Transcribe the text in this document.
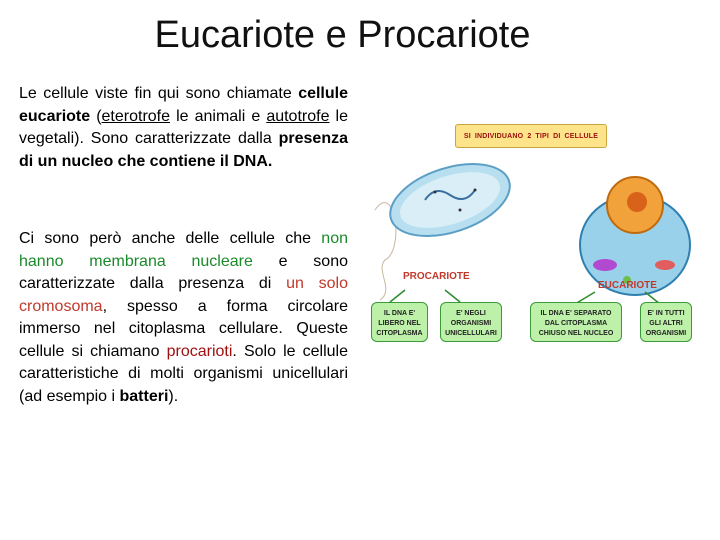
Eucariote e Procariote
Le cellule viste fin qui sono chiamate cellule eucariote (eterotrofe le animali e autotrofe le vegetali). Sono caratterizzate dalla presenza di un nucleo che contiene il DNA.
Ci sono però anche delle cellule che non hanno membrana nucleare e sono caratterizzate dalla presenza di un solo cromosoma, spesso a forma circolare immerso nel citoplasma cellulare. Queste cellule si chiamano procarioti. Solo le cellule caratteristiche di molti organismi unicellulari (ad esempio i batteri).
SI INDIVIDUANO 2 TIPI DI CELLULE
PROCARIOTE
EUCARIOTE
IL DNA E'
LIBERO NEL
CITOPLASMA
E' NEGLI
ORGANISMI
UNICELLULARI
IL DNA E' SEPARATO
DAL CITOPLASMA
CHIUSO NEL NUCLEO
E' IN TUTTI
GLI ALTRI
ORGANISMI
